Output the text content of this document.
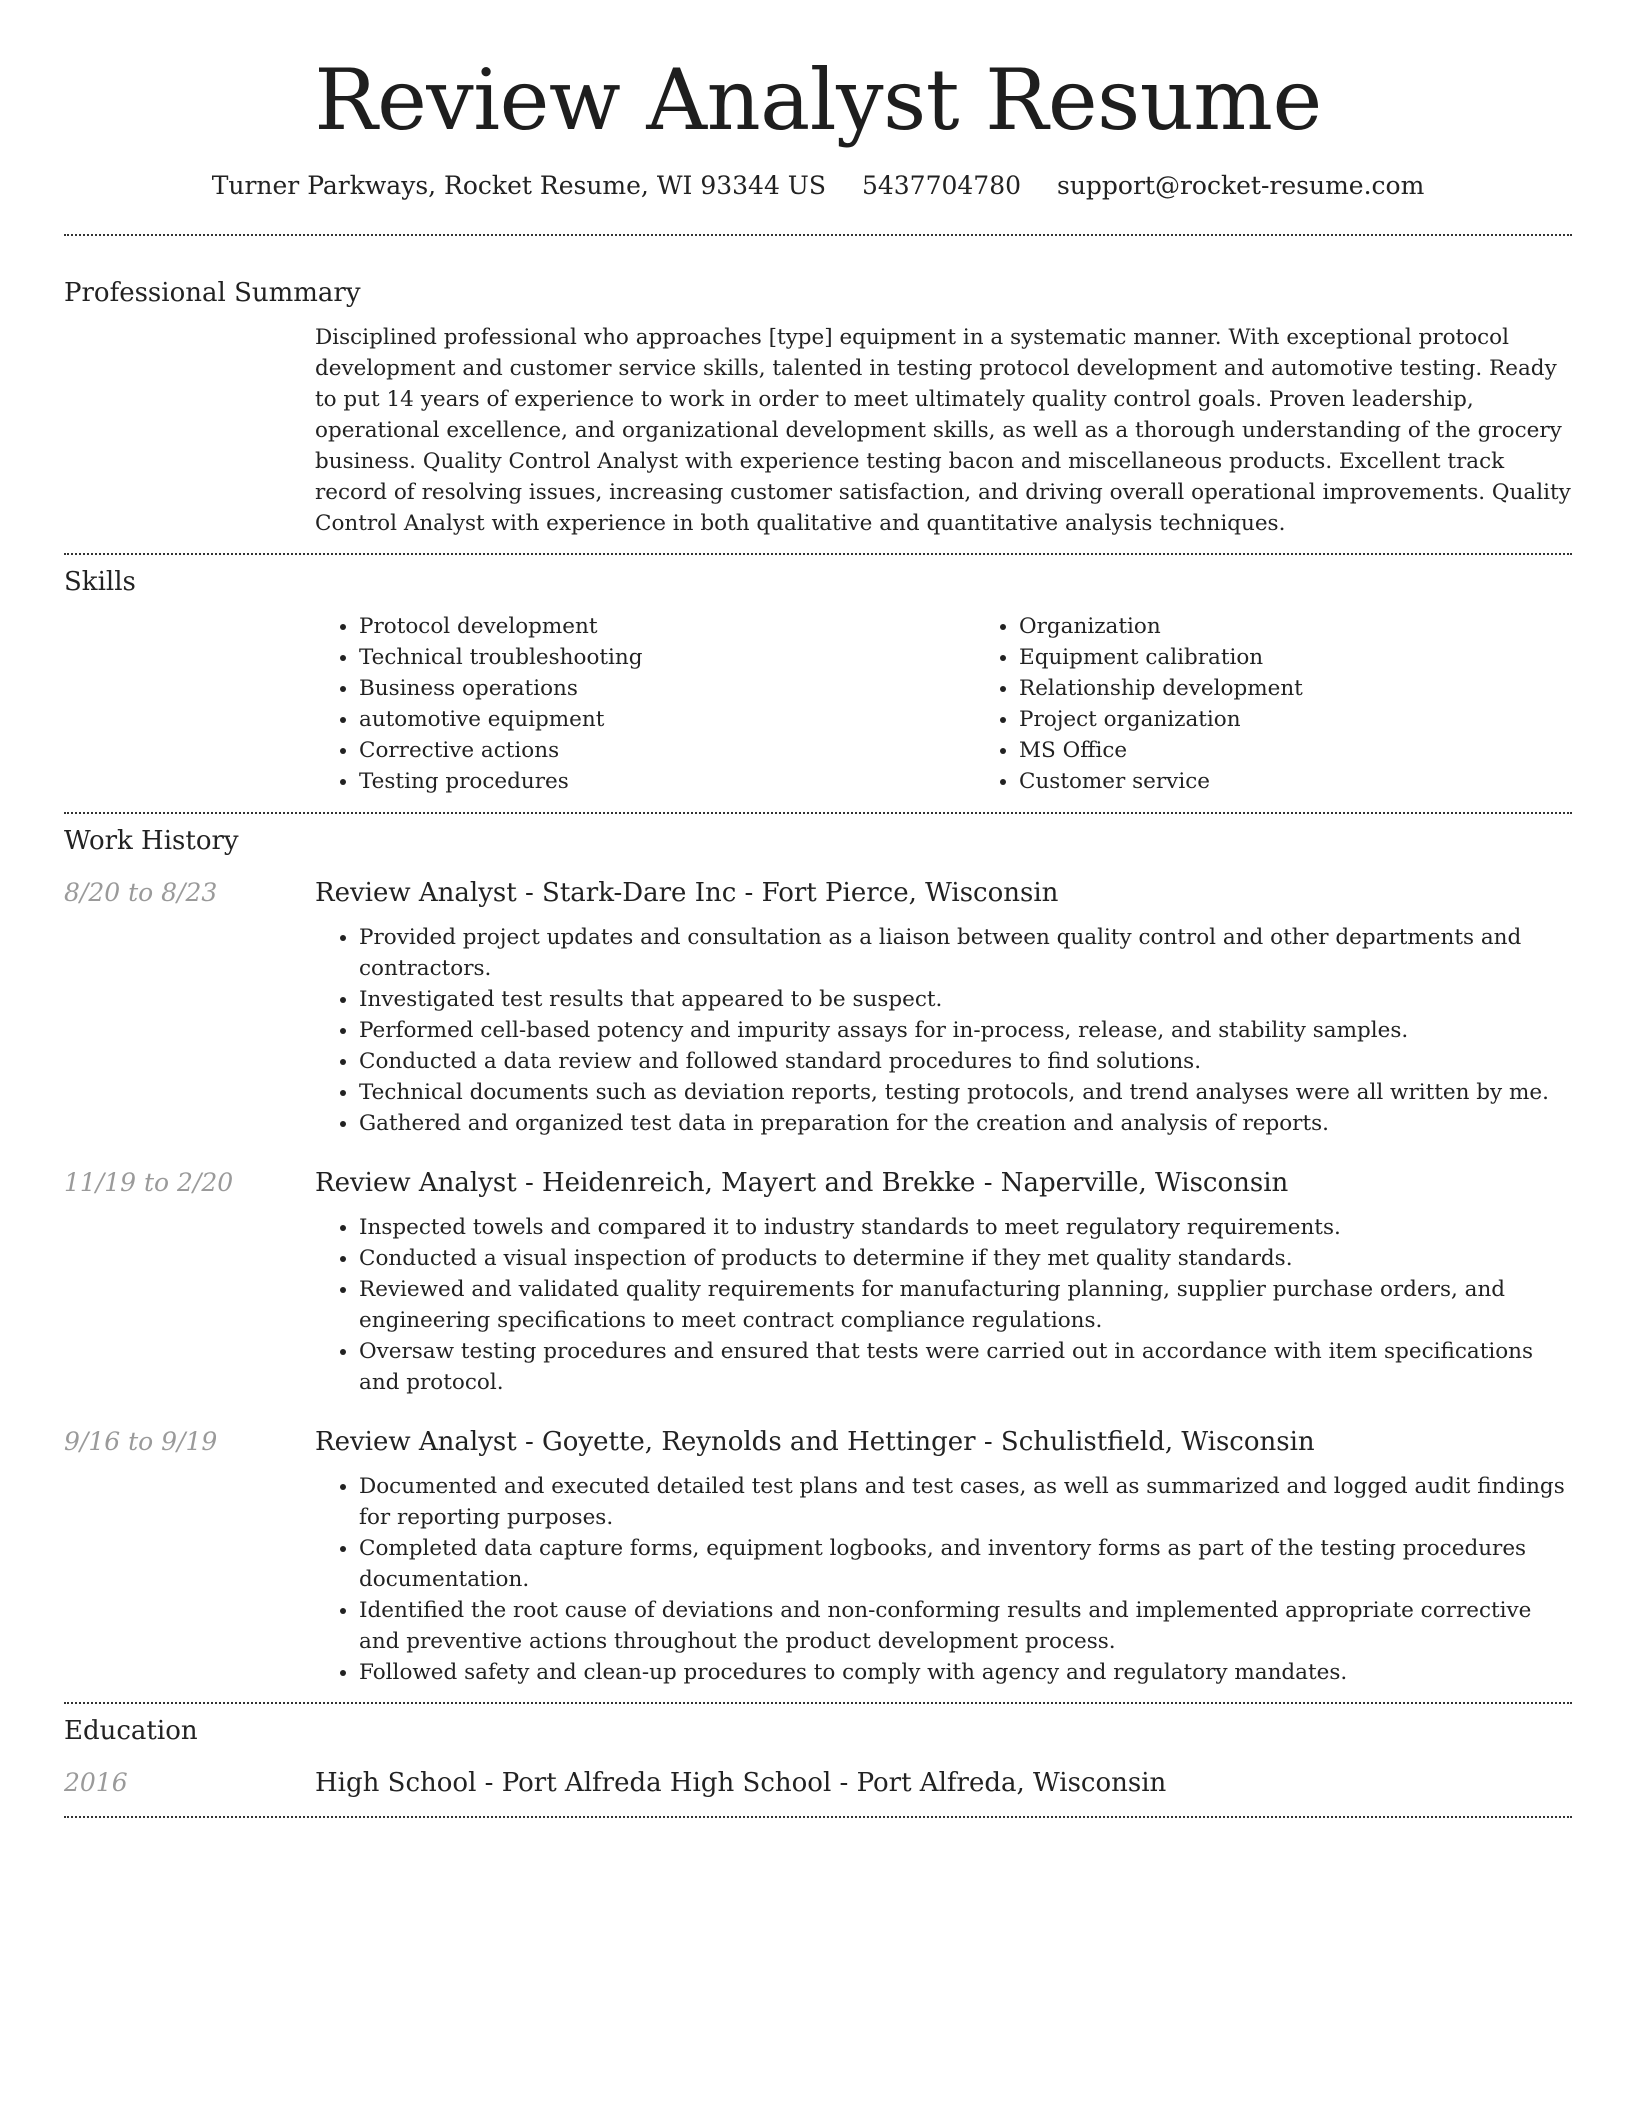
Review Analyst Resume
Turner Parkways, Rocket Resume, WI 93344 US 5437704780 support@rocket-resume.com
Professional Summary
Disciplined professional who approaches [type] equipment in a systematic manner. With exceptional protocol development and customer service skills, talented in testing protocol development and automotive testing. Ready to put 14 years of experience to work in order to meet ultimately quality control goals. Proven leadership, operational excellence, and organizational development skills, as well as a thorough understanding of the grocery business. Quality Control Analyst with experience testing bacon and miscellaneous products. Excellent track record of resolving issues, increasing customer satisfaction, and driving overall operational improvements. Quality Control Analyst with experience in both qualitative and quantitative analysis techniques.
Skills
• Protocol development
• Technical troubleshooting
• Business operations
• automotive equipment
• Corrective actions
• Testing procedures
• Organization
• Equipment calibration
• Relationship development
• Project organization
• MS Office
• Customer service
Work History
8/20 to 8/23	Review Analyst - Stark-Dare Inc - Fort Pierce, Wisconsin
• Provided project updates and consultation as a liaison between quality control and other departments and contractors.
• Investigated test results that appeared to be suspect.
• Performed cell-based potency and impurity assays for in-process, release, and stability samples.
• Conducted a data review and followed standard procedures to find solutions.
• Technical documents such as deviation reports, testing protocols, and trend analyses were all written by me.
• Gathered and organized test data in preparation for the creation and analysis of reports.
11/19 to 2/20	Review Analyst - Heidenreich, Mayert and Brekke - Naperville, Wisconsin
• Inspected towels and compared it to industry standards to meet regulatory requirements.
• Conducted a visual inspection of products to determine if they met quality standards.
• Reviewed and validated quality requirements for manufacturing planning, supplier purchase orders, and engineering specifications to meet contract compliance regulations.
• Oversaw testing procedures and ensured that tests were carried out in accordance with item specifications and protocol.
9/16 to 9/19	Review Analyst - Goyette, Reynolds and Hettinger - Schulistfield, Wisconsin
• Documented and executed detailed test plans and test cases, as well as summarized and logged audit findings for reporting purposes.
• Completed data capture forms, equipment logbooks, and inventory forms as part of the testing procedures documentation.
• Identified the root cause of deviations and non-conforming results and implemented appropriate corrective and preventive actions throughout the product development process.
• Followed safety and clean-up procedures to comply with agency and regulatory mandates.
Education
2016	High School - Port Alfreda High School - Port Alfreda, Wisconsin
